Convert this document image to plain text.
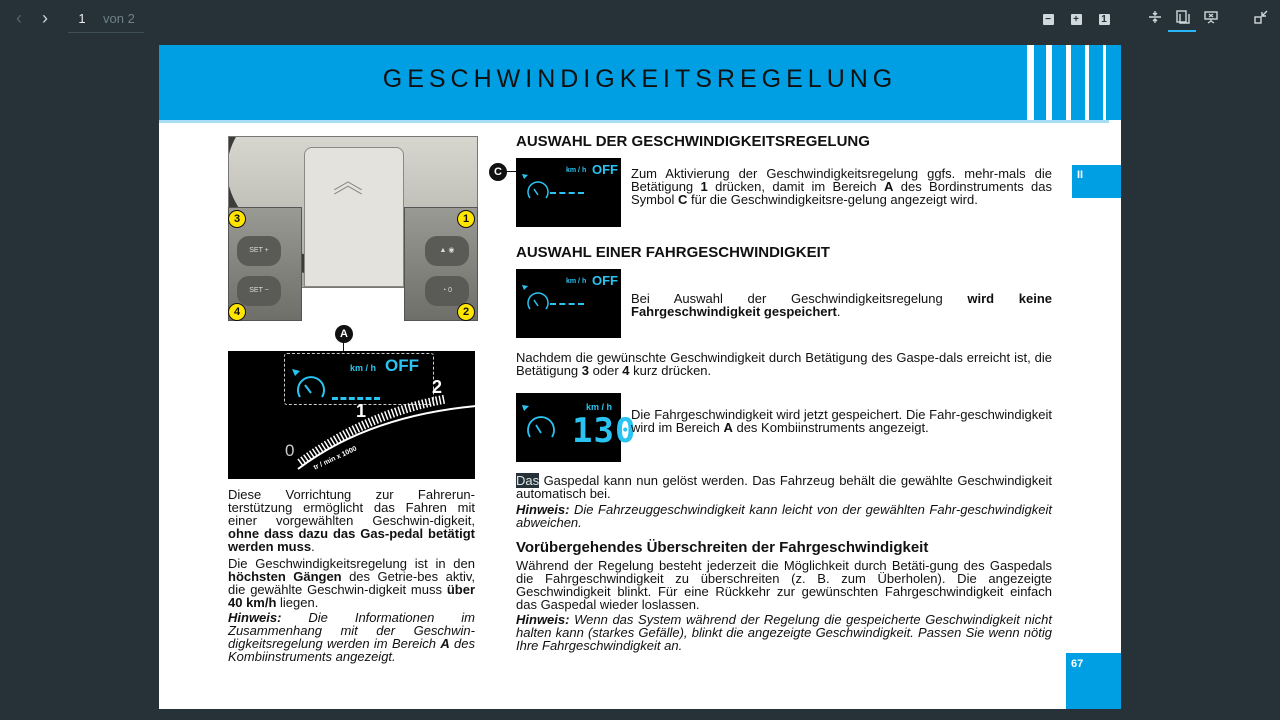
‹	›	1	von 2	−	+	1
GESCHWINDIGKEITSREGELUNG
II
67
︽
SET +
SET −
▲ ◉
◔ 0
3	1
4	2
A
km / h OFF
1
2
0	tr / min x 1000
Diese Vorrichtung zur Fahrerun-terstützung ermöglicht das Fahren mit einer vorgewählten Geschwin-digkeit, ohne dass dazu das Gas-pedal betätigt werden muss.
Die Geschwindigkeitsregelung ist in den höchsten Gängen des Getrie-bes aktiv, die gewählte Geschwin-digkeit muss über 40 km/h liegen.
Hinweis: Die Informationen im Zusammenhang mit der Geschwin-digkeitsregelung werden im Bereich A des Kombiinstruments angezeigt.
AUSWAHL DER GESCHWINDIGKEITSREGELUNG
C	km / h OFF Zum Aktivierung der Geschwindigkeitsregelung ggfs. mehr-mals die Betätigung 1 drücken, damit im Bereich A des Bordinstruments das Symbol C für die Geschwindigkeitsre-gelung angezeigt wird.
AUSWAHL EINER FAHRGESCHWINDIGKEIT
km / h OFF
Bei Auswahl der Geschwindigkeitsregelung wird keine Fahrgeschwindigkeit gespeichert.
Nachdem die gewünschte Geschwindigkeit durch Betätigung des Gaspe-dals erreicht ist, die Betätigung 3 oder 4 kurz drücken.
km / h
130
Die Fahrgeschwindigkeit wird jetzt gespeichert. Die Fahr-geschwindigkeit wird im Bereich A des Kombiinstruments angezeigt.
Das Gaspedal kann nun gelöst werden. Das Fahrzeug behält die gewählte Geschwindigkeit automatisch bei.
Hinweis: Die Fahrzeuggeschwindigkeit kann leicht von der gewählten Fahr-geschwindigkeit abweichen.
Vorübergehendes Überschreiten der Fahrgeschwindigkeit
Während der Regelung besteht jederzeit die Möglichkeit durch Betäti-gung des Gaspedals die Fahrgeschwindigkeit zu überschreiten (z. B. zum Überholen). Die angezeigte Geschwindigkeit blinkt. Für eine Rückkehr zur gewünschten Fahrgeschwindigkeit einfach das Gaspedal wieder loslassen.
Hinweis: Wenn das System während der Regelung die gespeicherte Geschwindigkeit nicht halten kann (starkes Gefälle), blinkt die angezeigte Geschwindigkeit. Passen Sie wenn nötig Ihre Fahrgeschwindigkeit an.
